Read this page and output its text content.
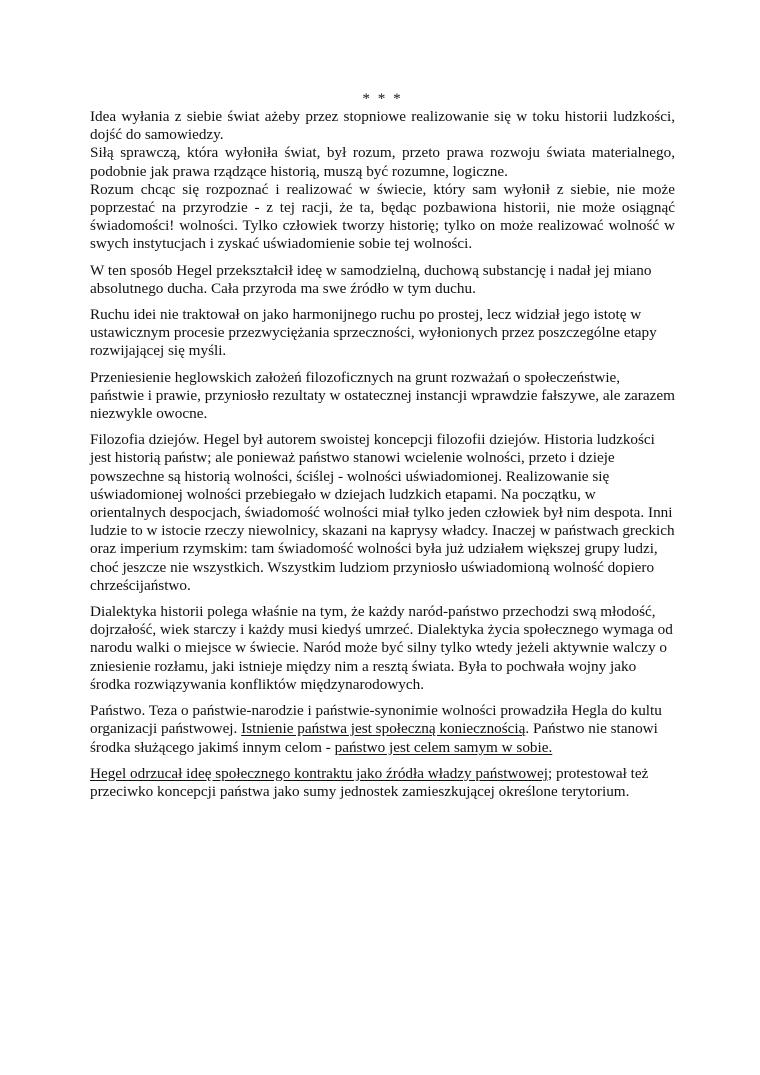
* * *
Idea wyłania z siebie świat ażeby przez stopniowe realizowanie się w toku historii ludzkości, dojść do samowiedzy.
Siłą sprawczą, która wyłoniła świat, był rozum, przeto prawa rozwoju świata materialnego, podobnie jak prawa rządzące historią, muszą być rozumne, logiczne.
Rozum chcąc się rozpoznać i realizować w świecie, który sam wyłonił z siebie, nie może poprzestać na przyrodzie - z tej racji, że ta, będąc pozbawiona historii, nie może osiągnąć świadomości! wolności. Tylko człowiek tworzy historię; tylko on może realizować wolność w swych instytucjach i zyskać uświadomienie sobie tej wolności.

W ten sposób Hegel przekształcił ideę w samodzielną, duchową substancję i nadał jej miano absolutnego ducha. Cała przyroda ma swe źródło w tym duchu.

Ruchu idei nie traktował on jako harmonijnego ruchu po prostej, lecz widział jego istotę w ustawicznym procesie przezwyciężania sprzeczności, wyłonionych przez poszczególne etapy rozwijającej się myśli.

Przeniesienie heglowskich założeń filozoficznych na grunt rozważań o społeczeństwie, państwie i prawie, przyniosło rezultaty w ostatecznej instancji wprawdzie fałszywe, ale zarazem niezwykle owocne.

Filozofia dziejów. Hegel był autorem swoistej koncepcji filozofii dziejów. Historia ludzkości jest historią państw; ale ponieważ państwo stanowi wcielenie wolności, przeto i dzieje powszechne są historią wolności, ściślej - wolności uświadomionej. Realizowanie się uświadomionej wolności przebiegało w dziejach ludzkich etapami. Na początku, w orientalnych despocjach, świadomość wolności miał tylko jeden człowiek był nim despota. Inni ludzie to w istocie rzeczy niewolnicy, skazani na kaprysy władcy. Inaczej w państwach greckich oraz imperium rzymskim: tam świadomość wolności była już udziałem większej grupy ludzi, choć jeszcze nie wszystkich. Wszystkim ludziom przyniosło uświadomioną wolność dopiero chrześcijaństwo.

Dialektyka historii polega właśnie na tym, że każdy naród-państwo przechodzi swą młodość, dojrzałość, wiek starczy i każdy musi kiedyś umrzeć. Dialektyka życia społecznego wymaga od narodu walki o miejsce w świecie. Naród może być silny tylko wtedy jeżeli aktywnie walczy o zniesienie rozłamu, jaki istnieje między nim a resztą świata. Była to pochwała wojny jako środka rozwiązywania konfliktów międzynarodowych.

Państwo. Teza o państwie-narodzie i państwie-synonimie wolności prowadziła Hegla do kultu organizacji państwowej. Istnienie państwa jest społeczną koniecznością. Państwo nie stanowi środka służącego jakimś innym celom - państwo jest celem samym w sobie.

Hegel odrzucał ideę społecznego kontraktu jako źródła władzy państwowej; protestował też przeciwko koncepcji państwa jako sumy jednostek zamieszkującej określone terytorium.
